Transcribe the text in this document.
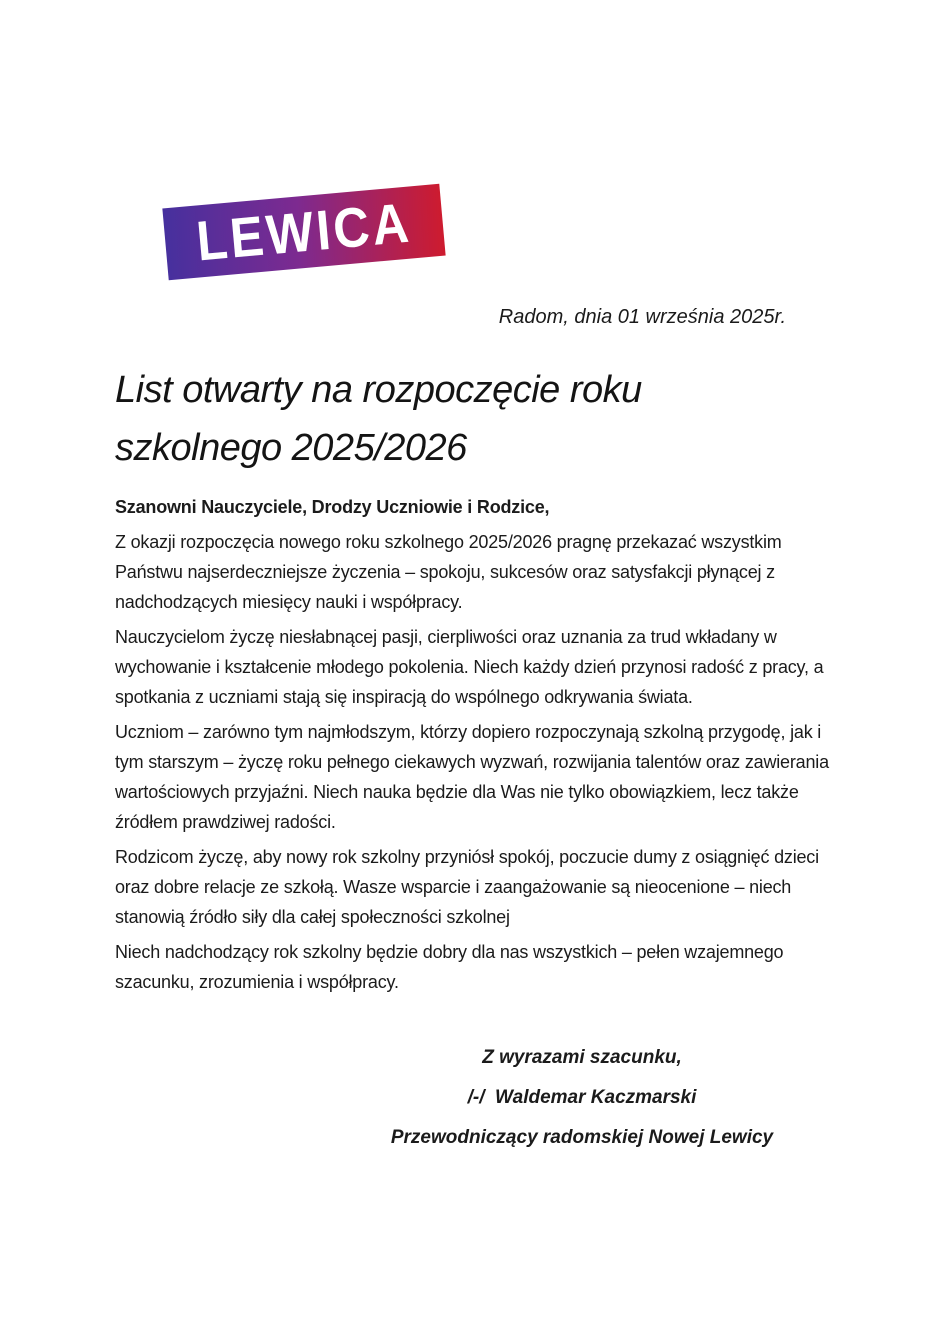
LEWICA
Radom, dnia 01 września 2025r.
List otwarty na rozpoczęcie roku szkolnego 2025/2026

Szanowni Nauczyciele, Drodzy Uczniowie i Rodzice,

Z okazji rozpoczęcia nowego roku szkolnego 2025/2026 pragnę przekazać wszystkim Państwu najserdeczniejsze życzenia – spokoju, sukcesów oraz satysfakcji płynącej z nadchodzących miesięcy nauki i współpracy.

Nauczycielom życzę niesłabnącej pasji, cierpliwości oraz uznania za trud wkładany w wychowanie i kształcenie młodego pokolenia. Niech każdy dzień przynosi radość z pracy, a spotkania z uczniami stają się inspiracją do wspólnego odkrywania świata.

Uczniom – zarówno tym najmłodszym, którzy dopiero rozpoczynają szkolną przygodę, jak i tym starszym – życzę roku pełnego ciekawych wyzwań, rozwijania talentów oraz zawierania wartościowych przyjaźni. Niech nauka będzie dla Was nie tylko obowiązkiem, lecz także źródłem prawdziwej radości.

Rodzicom życzę, aby nowy rok szkolny przyniósł spokój, poczucie dumy z osiągnięć dzieci oraz dobre relacje ze szkołą. Wasze wsparcie i zaangażowanie są nieocenione – niech stanowią źródło siły dla całej społeczności szkolnej

Niech nadchodzący rok szkolny będzie dobry dla nas wszystkich – pełen wzajemnego szacunku, zrozumienia i współpracy.

Z wyrazami szacunku,
/-/  Waldemar Kaczmarski
Przewodniczący radomskiej Nowej Lewicy
